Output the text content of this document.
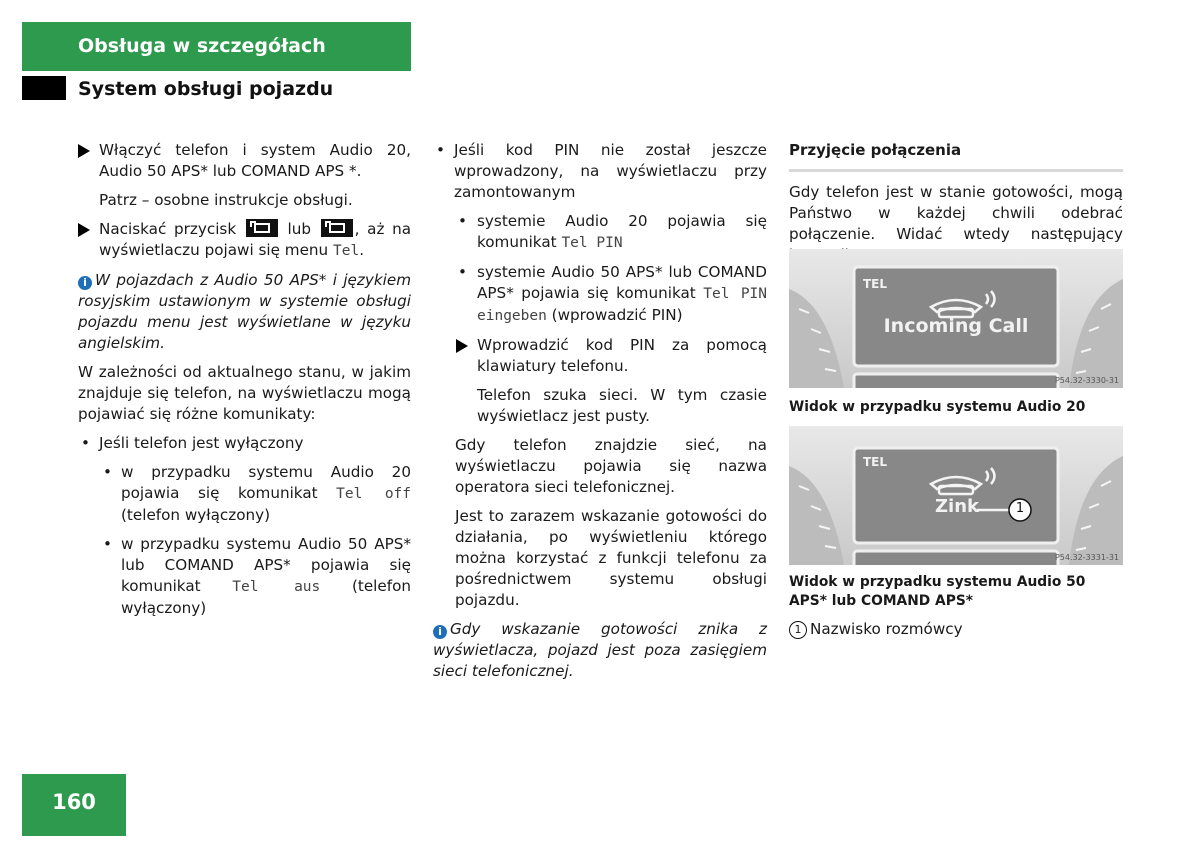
Obsługa w szczegółach
System obsługi pojazdu
Włączyć telefon i system Audio 20, Audio 50 APS* lub COMAND APS *.

Patrz – osobne instrukcje obsługi.

Naciskać przycisk	lub	, aż na wyświetlaczu pojawi się menu Tel.

i W pojazdach z Audio 50 APS* i językiem rosyjskim ustawionym w systemie obsługi pojazdu menu jest wyświetlane w języku angielskim.

W zależności od aktualnego stanu, w jakim znajduje się telefon, na wyświetlaczu mogą pojawiać się różne komunikaty:

• Jeśli telefon jest wyłączony
• w przypadku systemu Audio 20 pojawia się komunikat Tel off (telefon wyłączony)
• w przypadku systemu Audio 50 APS* lub COMAND APS* pojawia się komunikat Tel aus (telefon wyłączony)
• Jeśli kod PIN nie został jeszcze wprowadzony, na wyświetlaczu przy zamontowanym
• systemie Audio 20 pojawia się komunikat Tel PIN
• systemie Audio 50 APS* lub COMAND APS* pojawia się komunikat Tel PIN eingeben (wprowadzić PIN)
Wprowadzić kod PIN za pomocą klawiatury telefonu.

Telefon szuka sieci. W tym czasie wyświetlacz jest pusty.

Gdy telefon znajdzie sieć, na wyświetlaczu pojawia się nazwa operatora sieci telefonicznej.

Jest to zarazem wskazanie gotowości do działania, po wyświetleniu którego można korzystać z funkcji telefonu za pośrednictwem systemu obsługi pojazdu.

i Gdy wskazanie gotowości znika z wyświetlacza, pojazd jest poza zasięgiem sieci telefonicznej.

Przyjęcie połączenia

Gdy telefon jest w stanie gotowości, mogą Państwo w każdej chwili odebrać połączenie. Widać wtedy następujący

TEL
Incoming Call
P54.32-3330-31
Widok w przypadku systemu Audio 20
TEL
Zink	1
P54.32-3331-31
Widok w przypadku systemu Audio 50 APS* lub COMAND APS*
1 Nazwisko rozmówcy
160
